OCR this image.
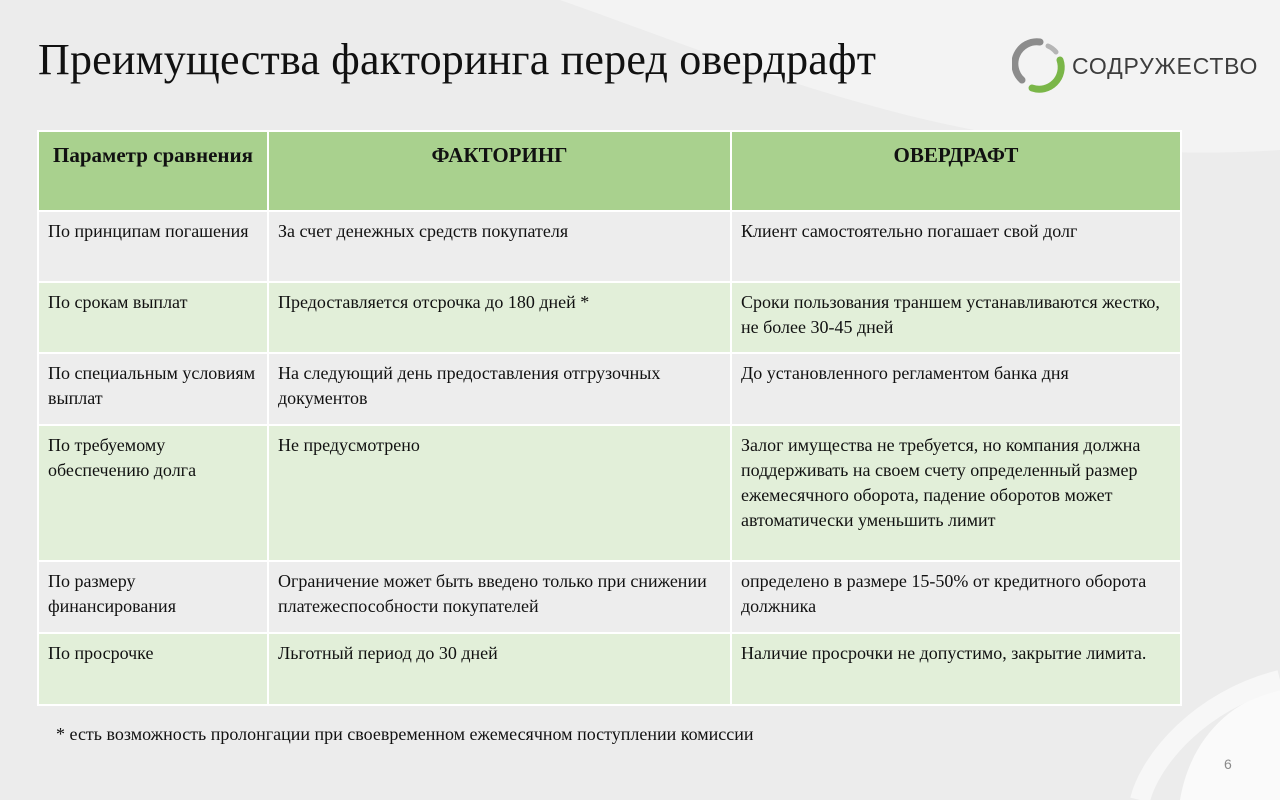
Преимущества факторинга перед овердрафт	СОДРУЖЕСТВО
Параметр сравнения	ФАКТОРИНГ	ОВЕРДРАФТ
По принципам погашения	За счет денежных средств покупателя	Клиент самостоятельно погашает свой долг
По срокам выплат	Предоставляется отсрочка до 180 дней *	Сроки пользования траншем устанавливаются жестко, не более 30-45 дней
По специальным условиям выплат	На следующий день предоставления отгрузочных документов	До установленного регламентом банка дня
По требуемому обеспечению долга	Не предусмотрено	Залог имущества не требуется, но компания должна поддерживать на своем счету определенный размер ежемесячного оборота, падение оборотов может автоматически уменьшить лимит
По размеру финансирования	Ограничение может быть введено только при снижении платежеспособности покупателей	определено в размере 15-50% от кредитного оборота должника
По просрочке	Льготный период до 30 дней	Наличие просрочки не допустимо, закрытие лимита.

* есть возможность пролонгации при своевременном ежемесячном поступлении комиссии

6
